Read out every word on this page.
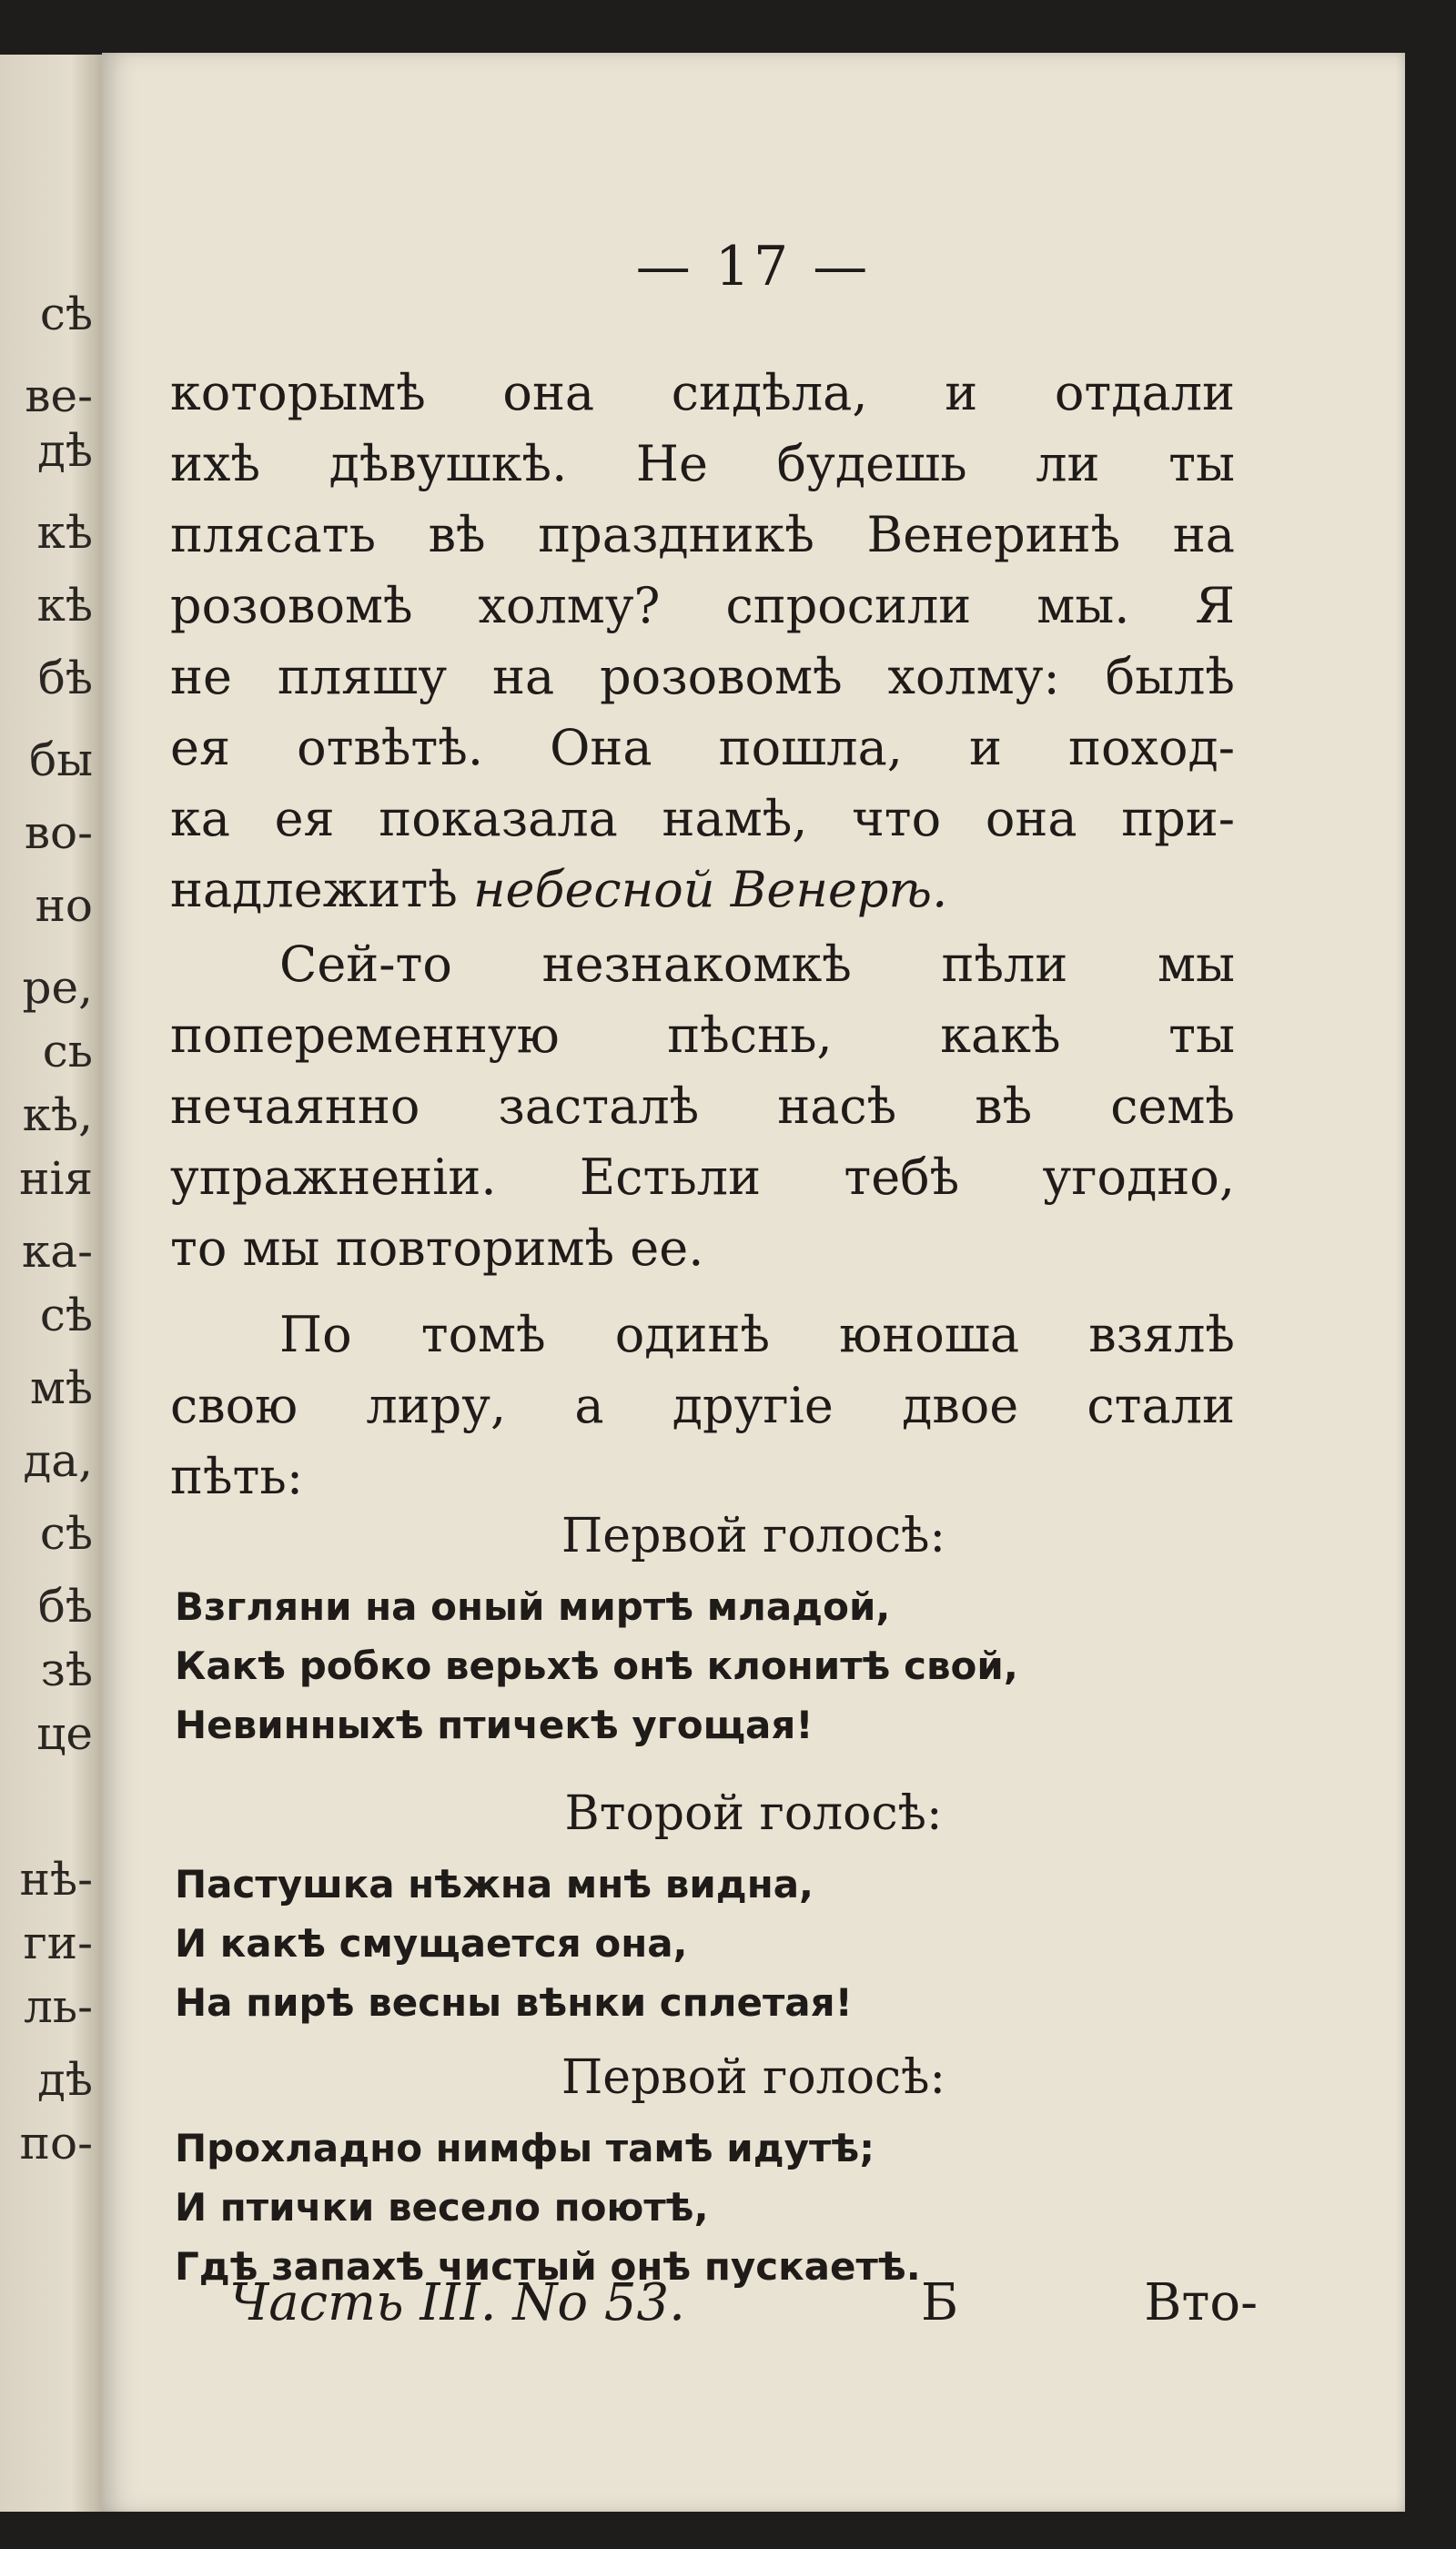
сѣ
ве-
дѣ
кѣ
кѣ
бѣ
бы
во-
но
ре,
сь
кѣ,
нія
ка-
сѣ
мѣ
да,
сѣ
бѣ
зѣ
це
нѣ-
ги-
ль-
дѣ
по-
— 17 —

которымѣ она сидѣла, и отдали

ихѣ дѣвушкѣ. Не будешь ли ты

плясать вѣ праздникѣ Венеринѣ на

розовомѣ холму? спросили мы. Я

не пляшу на розовомѣ холму: былѣ

ея отвѣтѣ. Она пошла, и поход-

ка ея показала намѣ, что она при-

надлежитѣ небесной Венерѣ.

Сей-то незнакомкѣ пѣли мы

попеременную пѣснь, какѣ ты

нечаянно засталѣ насѣ вѣ семѣ

упражненіи. Естьли тебѣ угодно,

то мы повторимѣ ее.

По томѣ одинѣ юноша взялѣ

свою лиру, а другіе двое стали

пѣть:

Первой голосѣ:
Взгляни на оный миртѣ младой,
Какѣ робко верьхѣ онѣ клонитѣ свой,
Невинныхѣ птичекѣ угощая!
Второй голосѣ:
Пастушка нѣжна мнѣ видна,
И какѣ смущается она,
На пирѣ весны вѣнки сплетая!
Первой голосѣ:
Прохладно нимфы тамѣ идутѣ;
И птички весело поютѣ,
Гдѣ запахѣ чистый онѣ пускаетѣ.
Часть III. No 53.	Б	Вто-
